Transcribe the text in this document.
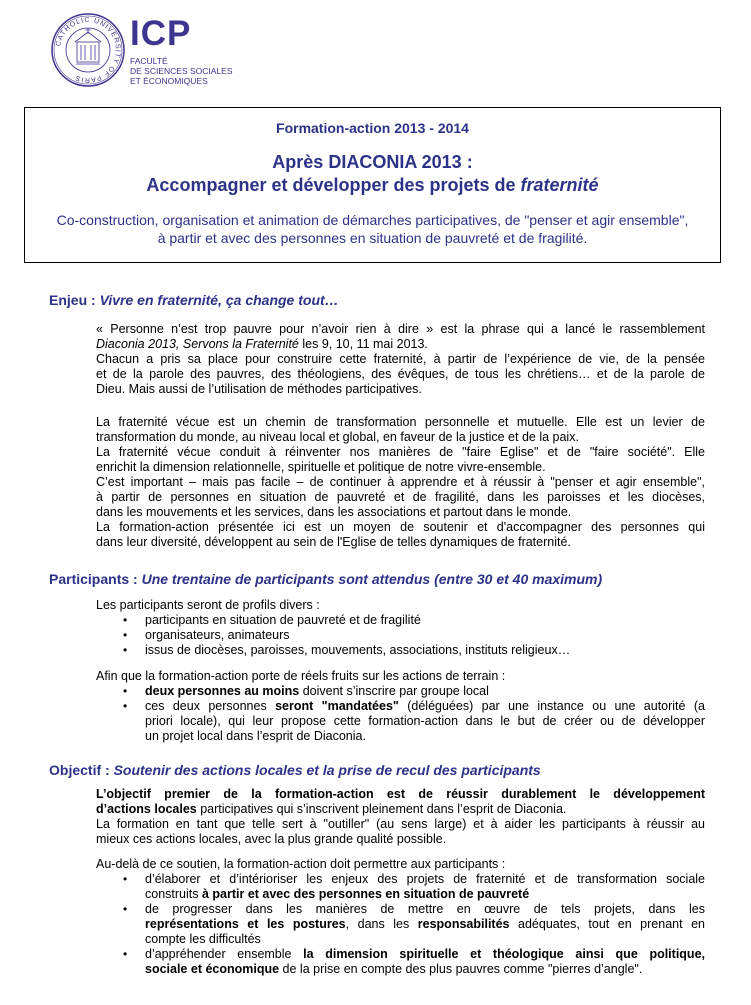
CATHOLIC UNIVERSITY OF PARIS
ICP
FACULTÉ
DE SCIENCES SOCIALES
ET ÉCONOMIQUES
Formation-action 2013 - 2014
Après DIACONIA 2013 :
Accompagner et développer des projets de fraternité
Co-construction, organisation et animation de démarches participatives, de "penser et agir ensemble",
à partir et avec des personnes en situation de pauvreté et de fragilité.
Enjeu : Vivre en fraternité, ça change tout…
« Personne n’est trop pauvre pour n’avoir rien à dire » est la phrase qui a lancé le rassemblement
Diaconia 2013, Servons la Fraternité les 9, 10, 11 mai 2013.
Chacun a pris sa place pour construire cette fraternité, à partir de l’expérience de vie, de la pensée
et de la parole des pauvres, des théologiens, des évêques, de tous les chrétiens… et de la parole de
Dieu. Mais aussi de l’utilisation de méthodes participatives.
La fraternité vécue est un chemin de transformation personnelle et mutuelle. Elle est un levier de
transformation du monde, au niveau local et global, en faveur de la justice et de la paix.
La fraternité vécue conduit à réinventer nos manières de "faire Eglise" et de "faire société". Elle
enrichit la dimension relationnelle, spirituelle et politique de notre vivre-ensemble.
C’est important – mais pas facile – de continuer à apprendre et à réussir à "penser et agir ensemble",
à partir de personnes en situation de pauvreté et de fragilité, dans les paroisses et les diocèses,
dans les mouvements et les services, dans les associations et partout dans le monde.
La formation-action présentée ici est un moyen de soutenir et d'accompagner des personnes qui
dans leur diversité, développent au sein de l'Eglise de telles dynamiques de fraternité.
Participants : Une trentaine de participants sont attendus (entre 30 et 40 maximum)
Les participants seront de profils divers :
• participants en situation de pauvreté et de fragilité
• organisateurs, animateurs
• issus de diocèses, paroisses, mouvements, associations, instituts religieux…
Afin que la formation-action porte de réels fruits sur les actions de terrain :
• deux personnes au moins doivent s’inscrire par groupe local
• ces deux personnes seront "mandatées" (déléguées) par une instance ou une autorité (a
priori locale), qui leur propose cette formation-action dans le but de créer ou de développer
un projet local dans l’esprit de Diaconia.
Objectif : Soutenir des actions locales et la prise de recul des participants
L’objectif premier de la formation-action est de réussir durablement le développement
d’actions locales participatives qui s’inscrivent pleinement dans l’esprit de Diaconia.
La formation en tant que telle sert à "outiller" (au sens large) et à aider les participants à réussir au
mieux ces actions locales, avec la plus grande qualité possible.
Au-delà de ce soutien, la formation-action doit permettre aux participants :
• d’élaborer et d’intérioriser les enjeux des projets de fraternité et de transformation sociale
construits à partir et avec des personnes en situation de pauvreté
• de progresser dans les manières de mettre en œuvre de tels projets, dans les
représentations et les postures, dans les responsabilités adéquates, tout en prenant en
compte les difficultés
• d’appréhender ensemble la dimension spirituelle et théologique ainsi que politique,
sociale et économique de la prise en compte des plus pauvres comme "pierres d’angle".
